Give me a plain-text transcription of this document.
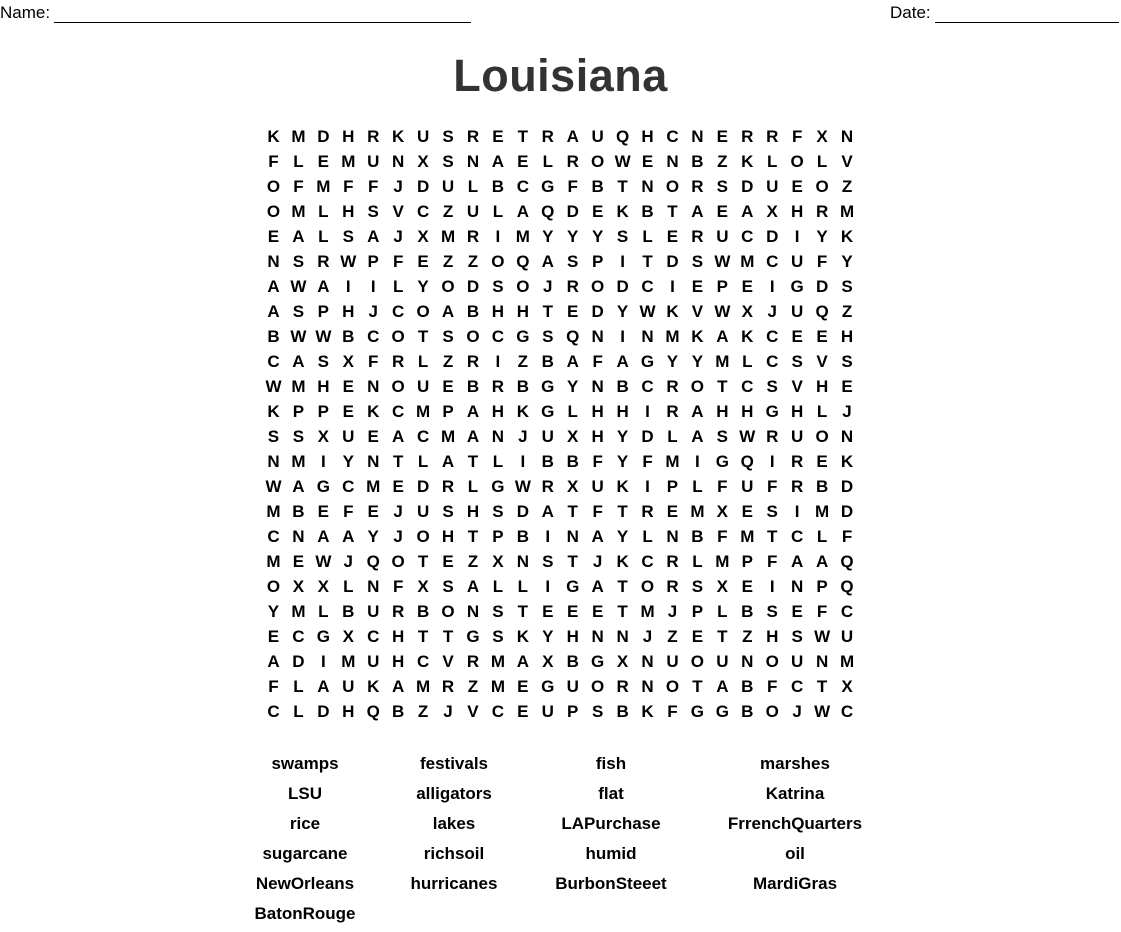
Name:	Date:
Louisiana
K M D H R K U S R E T R A U Q H C N E R R F X N
F L E M U N X S N A E L R O W E N B Z K L O L V
O F M F F J D U L B C G F B T N O R S D U E O Z
O M L H S V C Z U L A Q D E K B T A E A X H R M
E A L S A J X M R I M Y Y Y S L E R U C D I Y K
N S R W P F E Z Z O Q A S P I	T D S W M C U F Y
A W A I	I	L Y O D S O J R O D C I E P E I G D S
A S P H J C O A B H H T E D Y W K V W X J U Q Z
B W W B C O T S O C G S Q N I N M K A K C E E H
C A S X F R L Z R I	Z B A F A G Y Y M L C S V S
W M H E N O U E B R B G Y N B C R O T C S V H E
K P P E K C M P A H K G L H H I R A H H G H L J
S S X U E A C M A N J U X H Y D L A S W R U O N
N M I Y N T L A T L	I B B F Y F M I G Q I R E K
W A G C M E D R L G W R X U K I P L F U F R B D
M B E F E J U S H S D A T F T R E M X E S I M D
C N A A Y J O H T P B I N A Y L N B F M T C L F
M E W J Q O T E Z X N S T J K C R L M P F A A Q
O X X L N F X S A L L	I G A T O R S X E I N P Q
Y M L B U R B O N S T E E E T M J P L B S E F C
E C G X C H T T G S K Y H N N J Z E T Z H S W U
A D I M U H C V R M A X B G X N U O U N O U N M
F L A U K A M R Z M E G U O R N O T A B F C T X
C L D H Q B Z J V C E U P S B K F G G B O J W C
swamps
LSU
rice
sugarcane
NewOrleans
BatonRouge
festivals
alligators
lakes
richsoil
hurricanes
fish
flat
LAPurchase
humid
BurbonSteeet
marshes
Katrina
FrrenchQuarters
oil
MardiGras
